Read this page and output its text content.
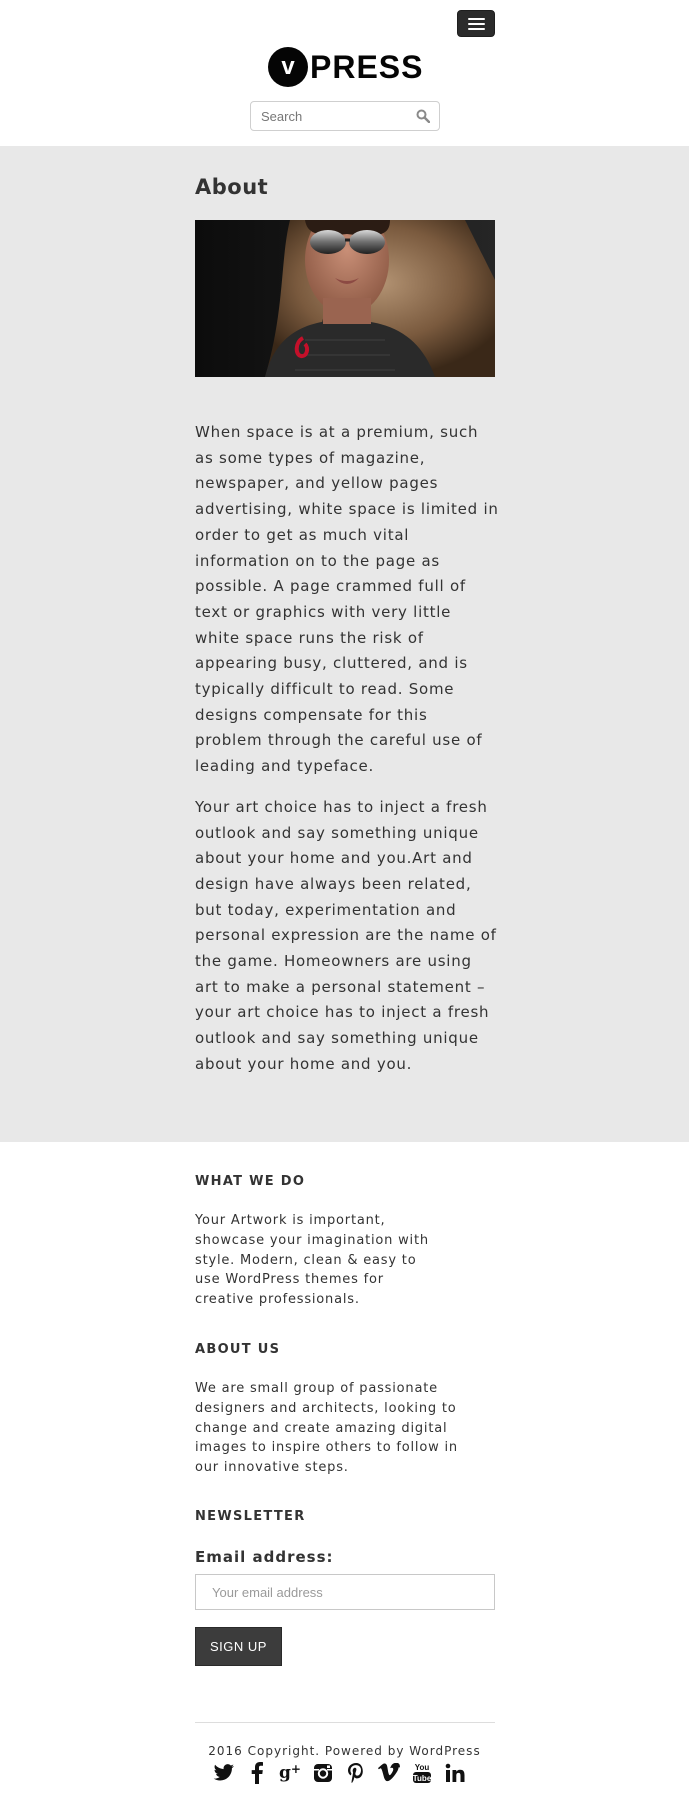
v PRESS
Search
About

When space is at a premium, such as some types of magazine, newspaper, and yellow pages advertising, white space is limited in order to get as much vital information on to the page as possible. A page crammed full of text or graphics with very little white space runs the risk of appearing busy, cluttered, and is typically difficult to read. Some designs compensate for this problem through the careful use of leading and typeface.

Your art choice has to inject a fresh outlook and say something unique about your home and you.Art and design have always been related, but today, experimentation and personal expression are the name of the game. Homeowners are using art to make a personal statement – your art choice has to inject a fresh outlook and say something unique about your home and you.

WHAT WE DO

Your Artwork is important, showcase your imagination with style. Modern, clean & easy to use WordPress themes for creative professionals.

ABOUT US

We are small group of passionate designers and architects, looking to change and create amazing digital images to inspire others to follow in our innovative steps.

NEWSLETTER
Email address:
Your email address
SIGN UP

2016 Copyright. Powered by WordPress

g +	You
Tube
